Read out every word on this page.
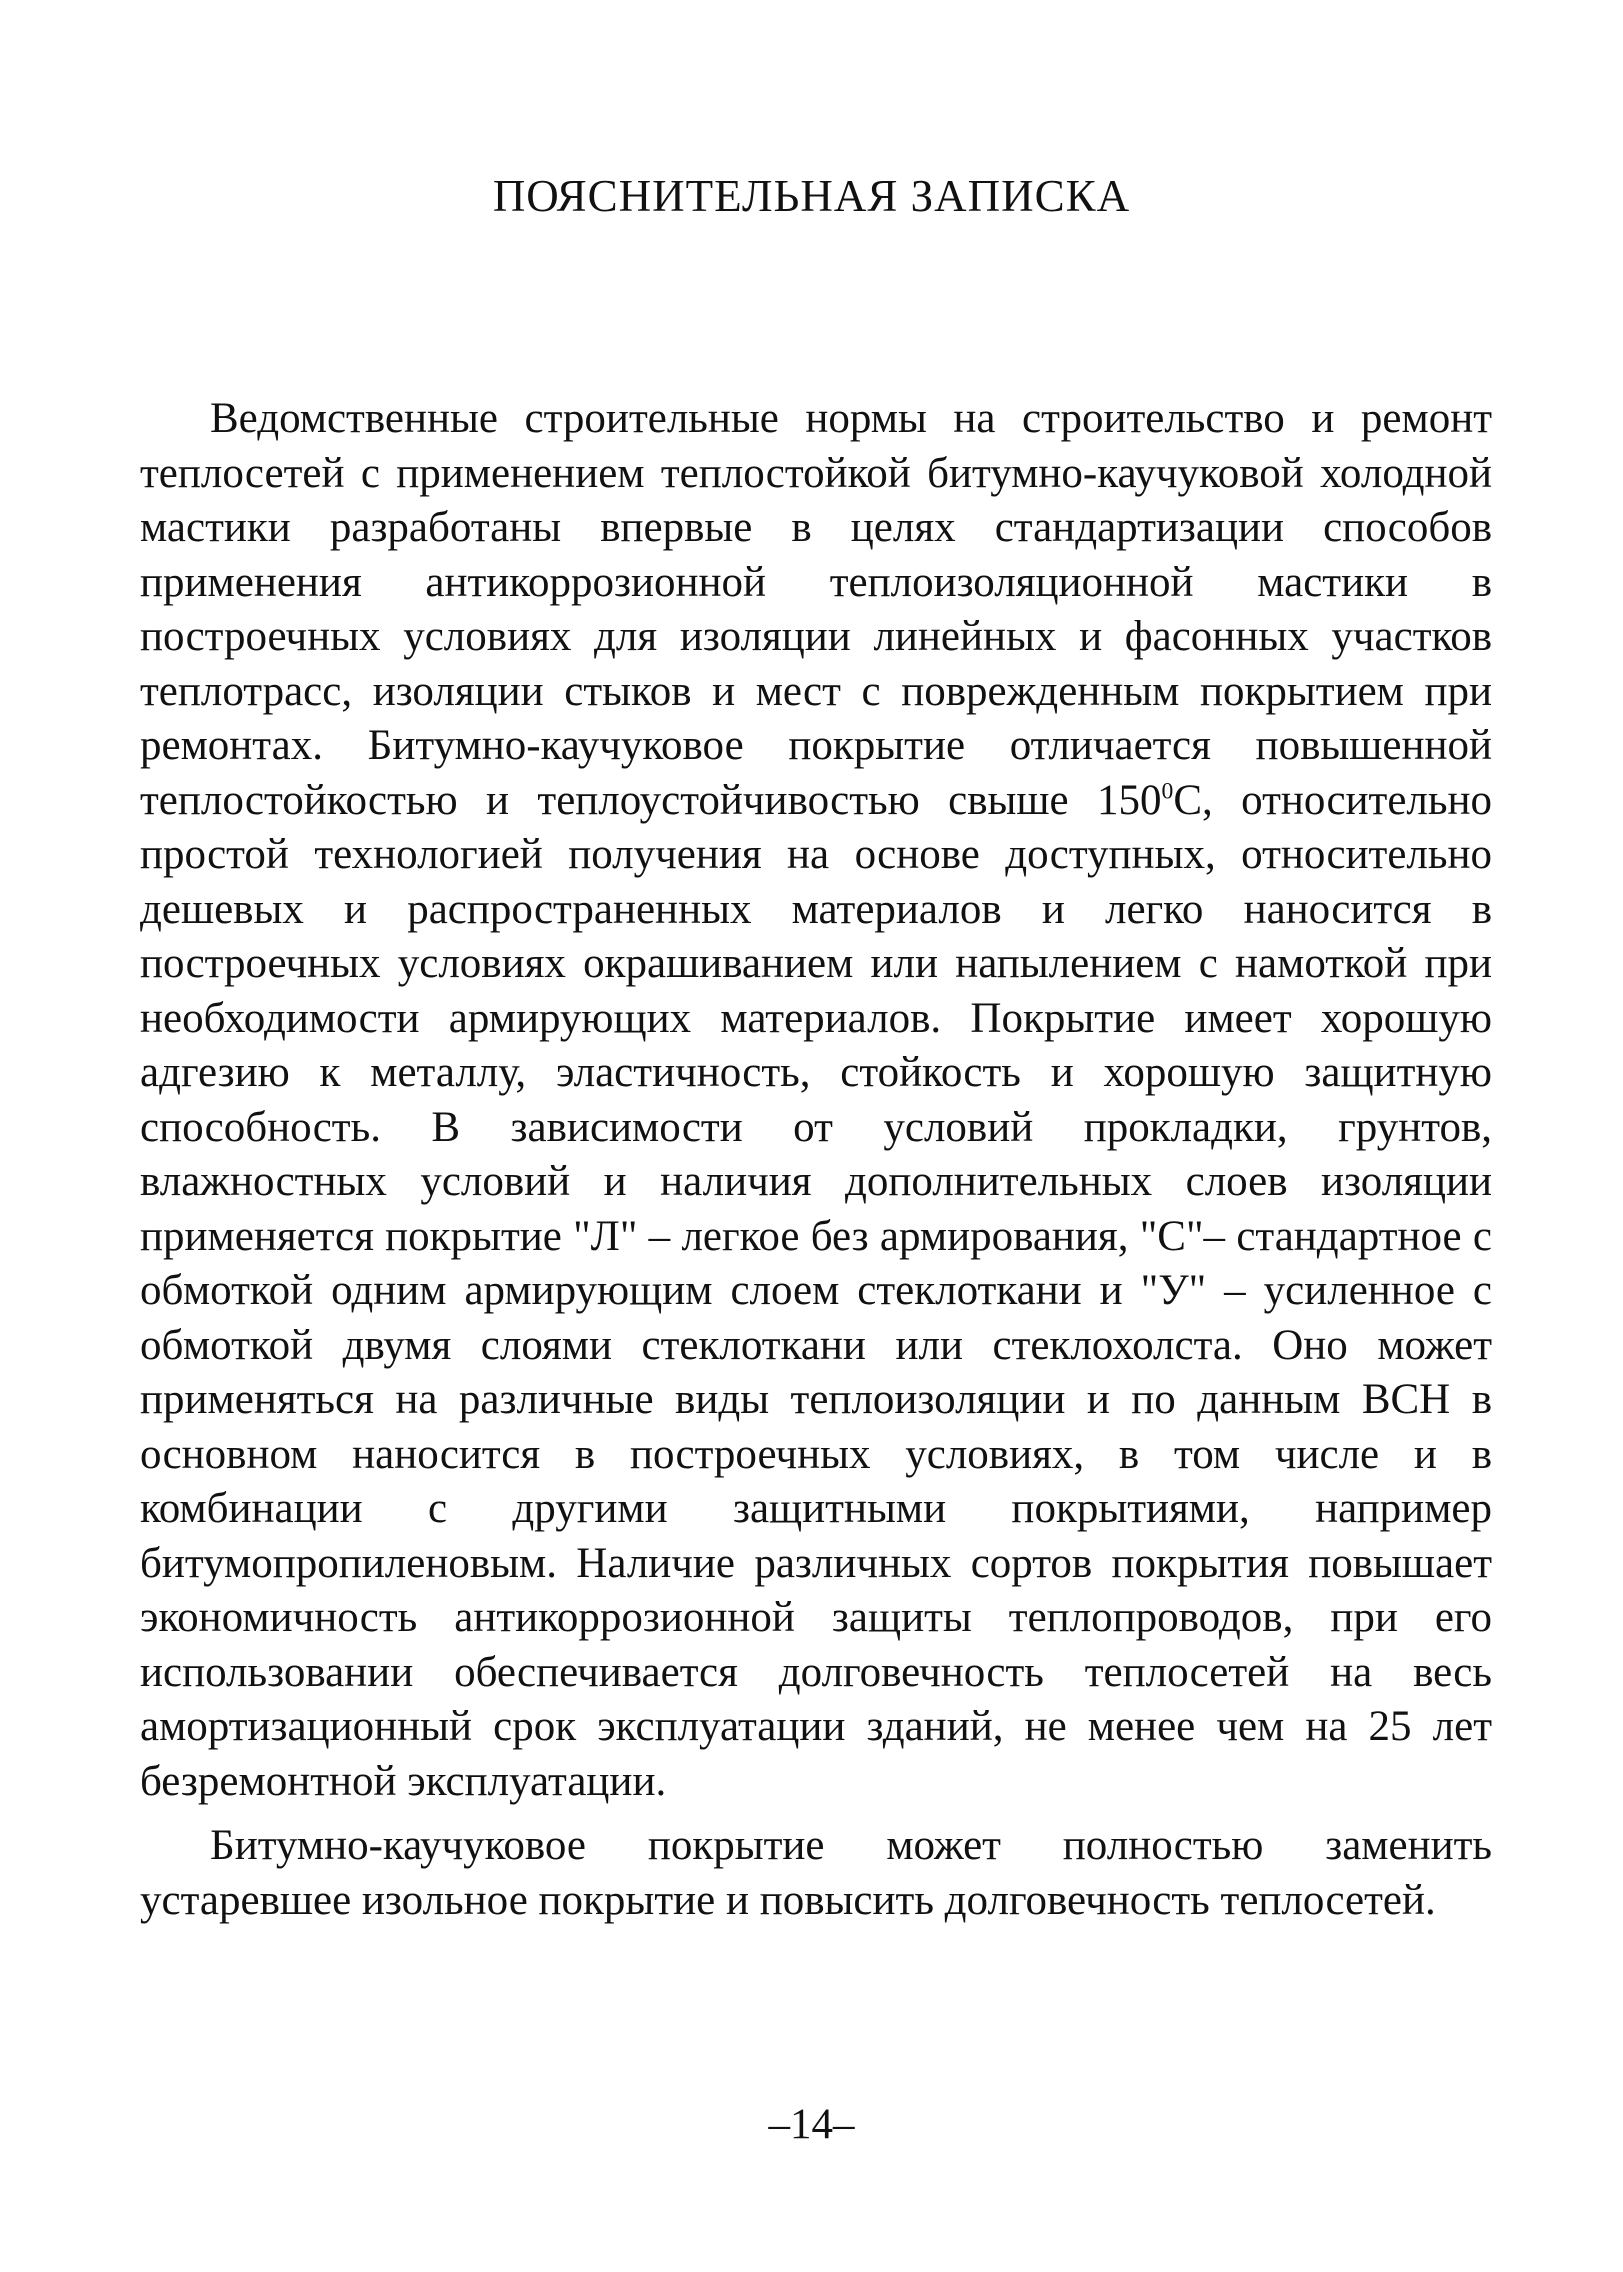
ПОЯСНИТЕЛЬНАЯ ЗАПИСКА

Ведомственные строительные нормы на строительство и ремонт теплосетей с применением теплостойкой битумно-каучуковой холодной мастики разработаны впервые в целях стандартизации способов применения антикоррозионной теплоизоляционной мастики в построечных условиях для изоляции линейных и фасонных участков теплотрасс, изоляции стыков и мест с поврежденным покрытием при ремонтах. Битумно-каучуковое покрытие отличается повышенной теплостойкостью и теплоустойчивостью свыше $150^0С$, относительно простой технологией получения на основе доступных, относительно дешевых и распространенных материалов и легко наносится в построечных условиях окрашиванием или напылением с намоткой при необходимости армирующих материалов. Покрытие имеет хорошую адгезию к металлу, эластичность, стойкость и хорошую защитную способность. В зависимости от условий прокладки, грунтов, влажностных условий и наличия дополнительных слоев изоляции применяется покрытие "Л" – легкое без армирования, "С"– стандартное с обмоткой одним армирующим слоем стеклоткани и "У" – усиленное с обмоткой двумя слоями стеклоткани или стеклохолста. Оно может применяться на различные виды теплоизоляции и по данным ВСН в основном наносится в построечных условиях, в том числе и в комбинации с другими защитными покрытиями, например битумопропиленовым. Наличие различных сортов покрытия повышает экономичность антикоррозионной защиты теплопроводов, при его использовании обеспечивается долговечность теплосетей на весь амортизационный срок эксплуатации зданий, не менее чем на 25 лет безремонтной эксплуатации.

Битумно-каучуковое покрытие может полностью заменить устаревшее изольное покрытие и повысить долговечность теплосетей.

–14–
